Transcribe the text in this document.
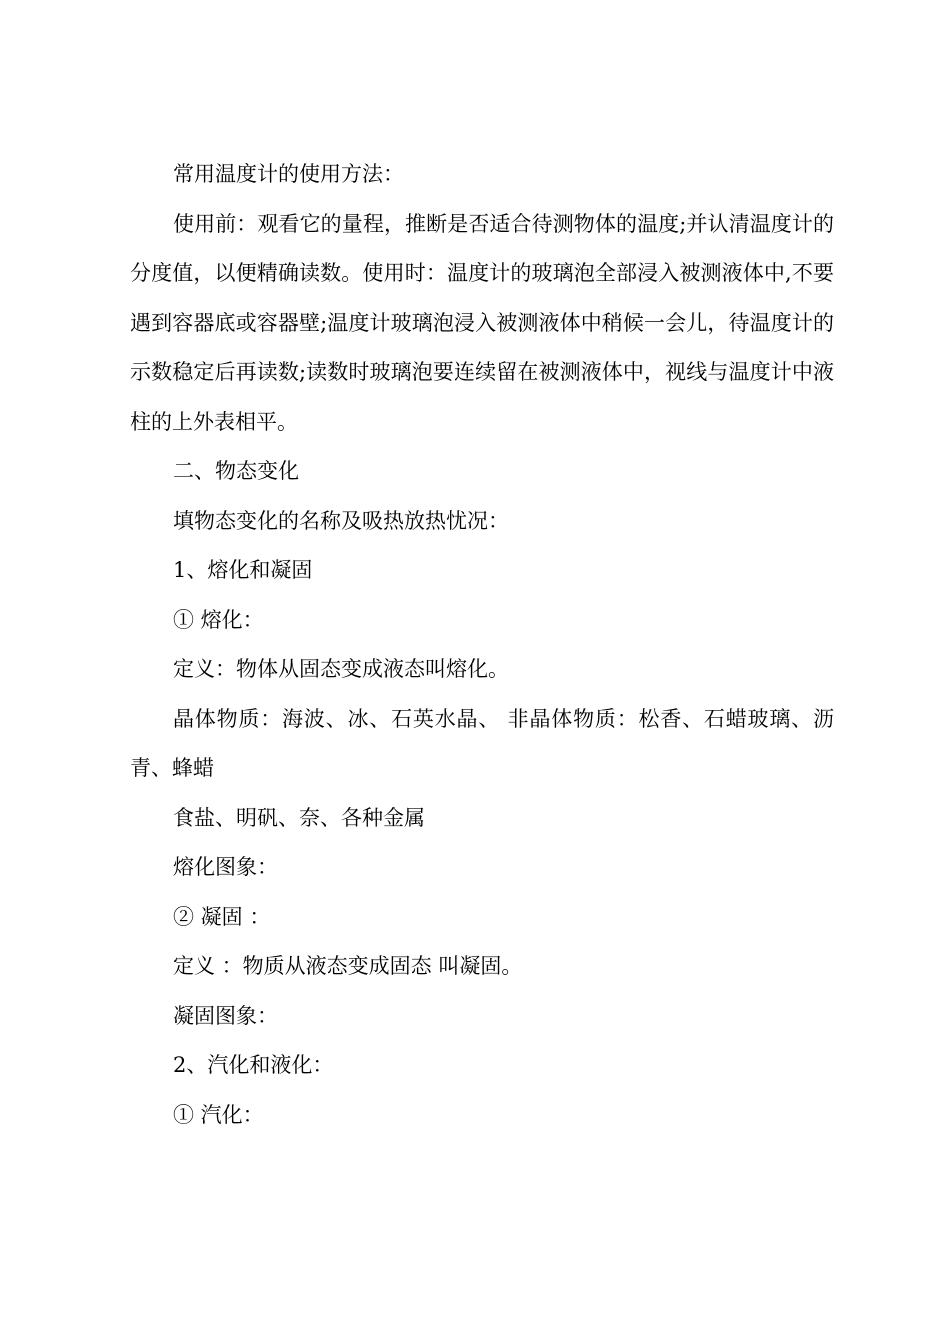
常用温度计的使用方法：

使用前：观看它的量程，推断是否适合待测物体的温度;并认清温度计的分度值，以便精确读数。使用时：温度计的玻璃泡全部浸入被测液体中,不要遇到容器底或容器壁;温度计玻璃泡浸入被测液体中稍候一会儿，待温度计的示数稳定后再读数;读数时玻璃泡要连续留在被测液体中，视线与温度计中液柱的上外表相平。

二、物态变化

填物态变化的名称及吸热放热忧况：

1、熔化和凝固

① 熔化：

定义：物体从固态变成液态叫熔化。

晶体物质：海波、冰、石英水晶、 非晶体物质：松香、石蜡玻璃、沥青、蜂蜡

食盐、明矾、奈、各种金属

熔化图象：

② 凝固 ：

定义 ：物质从液态变成固态 叫凝固。

凝固图象：

2、汽化和液化：

① 汽化：
